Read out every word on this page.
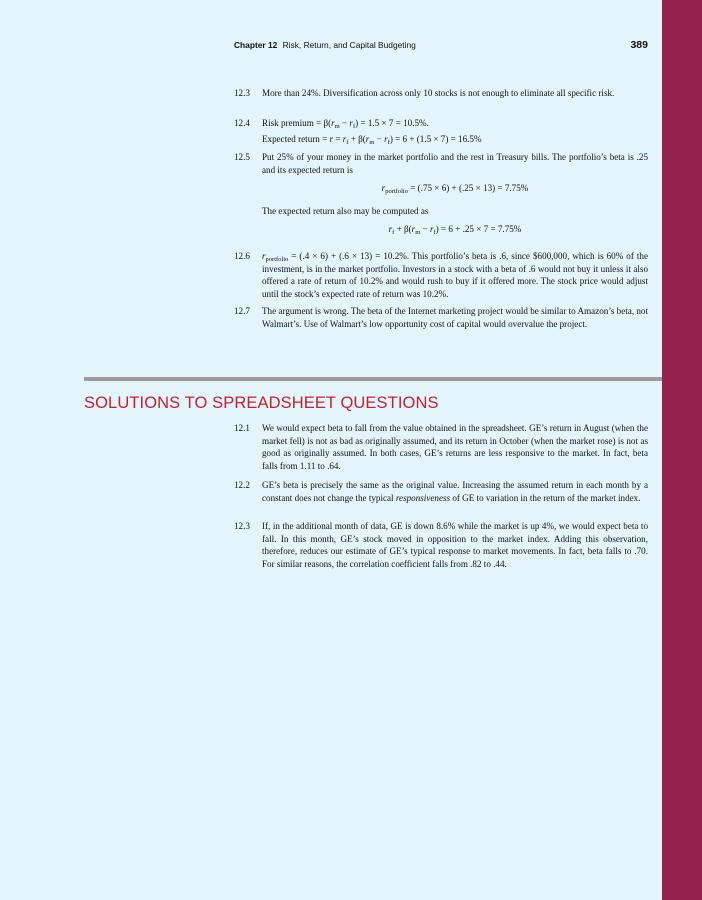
Chapter 12 Risk, Return, and Capital Budgeting	389
12.3	More than 24%. Diversification across only 10 stocks is not enough to eliminate all specific risk.

12.4	Risk premium = $\beta(r_m - r_f) = 1.5 \times 7 = 10.5\%$.

Expected return = $r = r_f + \beta(r_m - r_f) = 6 + (1.5 \times 7) = 16.5\%$

12.5	Put 25% of your money in the market portfolio and the rest in Treasury bills. The portfolio’s beta is .25 and its expected return is

$r_{portfolio} = (.75 \times 6) + (.25 \times 13) = 7.75\%$

The expected return also may be computed as

$r_f + \beta(r_m - r_f) = 6 + .25 \times 7 = 7.75\%$

12.6	$r_{portfolio} = (.4 \times 6) + (.6 \times 13) = 10.2\%$. This portfolio’s beta is .6, since $600,000, which is 60% of the investment, is in the market portfolio. Investors in a stock with a beta of .6 would not buy it unless it also offered a rate of return of 10.2% and would rush to buy if it offered more. The stock price would adjust until the stock’s expected rate of return was 10.2%.

12.7	The argument is wrong. The beta of the Internet marketing project would be similar to Amazon’s beta, not Walmart’s. Use of Walmart’s low opportunity cost of capital would overvalue the project.

SOLUTIONS TO SPREADSHEET QUESTIONS
12.1	We would expect beta to fall from the value obtained in the spreadsheet. GE’s return in August (when the market fell) is not as bad as originally assumed, and its return in October (when the market rose) is not as good as originally assumed. In both cases, GE’s returns are less responsive to the market. In fact, beta falls from 1.11 to .64.

12.2	GE’s beta is precisely the same as the original value. Increasing the assumed return in each month by a constant does not change the typical responsiveness of GE to variation in the return of the market index.

12.3	If, in the additional month of data, GE is down 8.6% while the market is up 4%, we would expect beta to fall. In this month, GE’s stock moved in opposition to the market index. Adding this observation, therefore, reduces our estimate of GE’s typical response to market movements. In fact, beta falls to .70. For similar reasons, the correlation coefficient falls from .82 to .44.
